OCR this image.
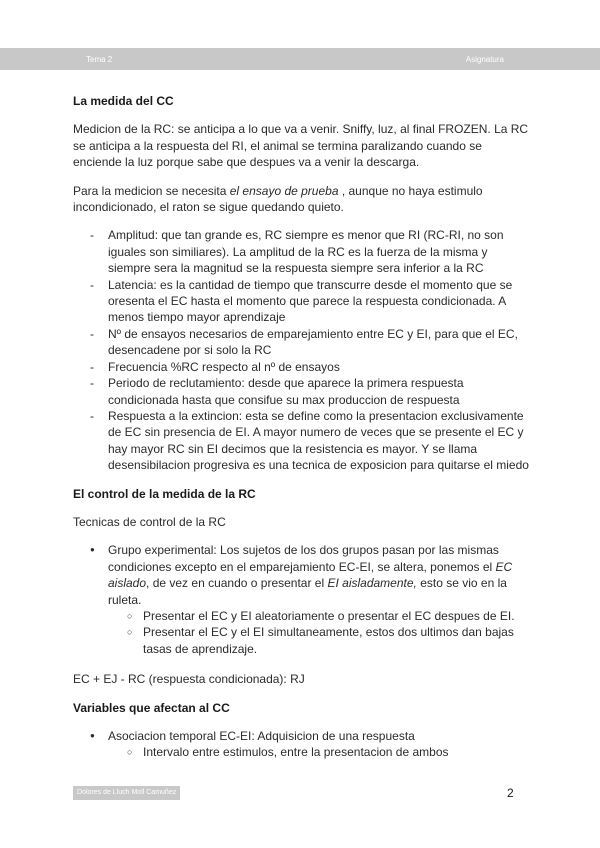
Tema 2	Asignatura
La medida del CC

Medicion de la RC: se anticipa a lo que va a venir. Sniffy, luz, al final FROZEN. La RC se anticipa a la respuesta del RI, el animal se termina paralizando cuando se enciende la luz porque sabe que despues va a venir la descarga.

Para la medicion se necesita el ensayo de prueba , aunque no haya estimulo incondicionado, el raton se sigue quedando quieto.

- Amplitud: que tan grande es, RC siempre es menor que RI (RC-RI, no son iguales son similiares). La amplitud de la RC es la fuerza de la misma y siempre sera la magnitud se la respuesta siempre sera inferior a la RC
- Latencia: es la cantidad de tiempo que transcurre desde el momento que se oresenta el EC hasta el momento que parece la respuesta condicionada. A menos tiempo mayor aprendizaje
- Nº de ensayos necesarios de emparejamiento entre EC y EI, para que el EC, desencadene por si solo la RC
- Frecuencia %RC respecto al nº de ensayos
- Periodo de reclutamiento: desde que aparece la primera respuesta condicionada hasta que consifue su max produccion de respuesta
- Respuesta a la extincion: esta se define como la presentacion exclusivamente de EC sin presencia de EI. A mayor numero de veces que se presente el EC y hay mayor RC sin EI decimos que la resistencia es mayor. Y se llama desensibilacion progresiva es una tecnica de exposicion para quitarse el miedo
El control de la medida de la RC

Tecnicas de control de la RC

● Grupo experimental: Los sujetos de los dos grupos pasan por las mismas condiciones excepto en el emparejamiento EC-EI, se altera, ponemos el EC aislado, de vez en cuando o presentar el EI aisladamente, esto se vio en la ruleta.
○ Presentar el EC y EI aleatoriamente o presentar el EC despues de EI.
○ Presentar el EC y el EI simultaneamente, estos dos ultimos dan bajas tasas de aprendizaje.

EC + EJ - RC (respuesta condicionada): RJ

Variables que afectan al CC
● Asociacion temporal EC-EI: Adquisicion de una respuesta
○ Intervalo entre estimulos, entre la presentacion de ambos
Dolores de Lluch Moll Camuñez	2
